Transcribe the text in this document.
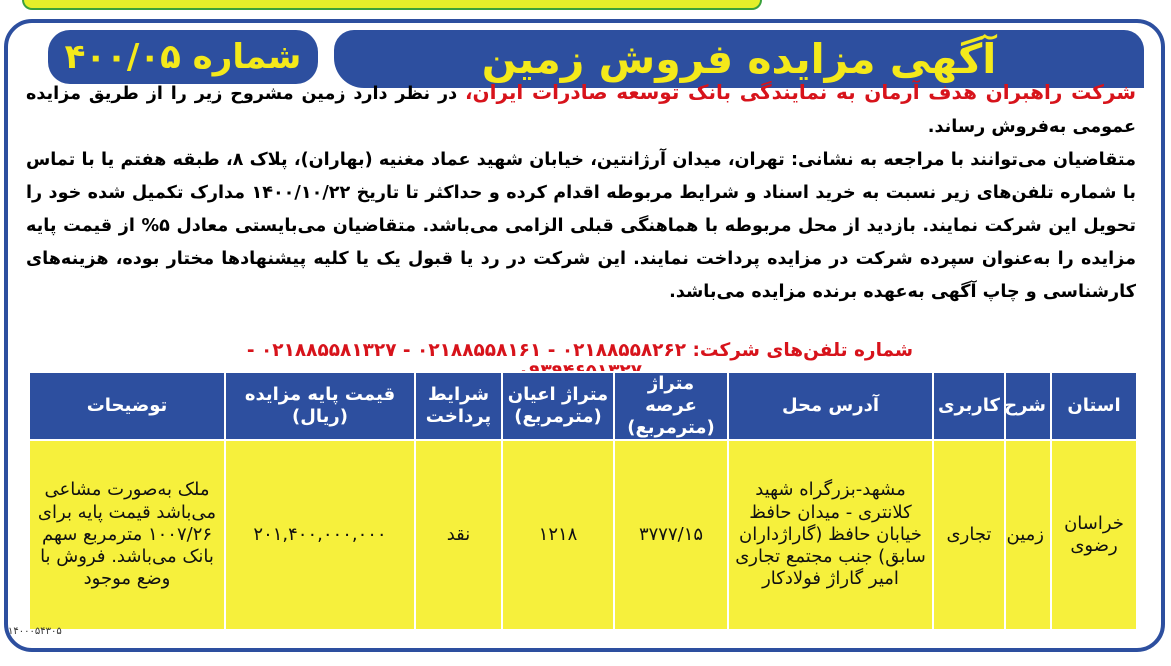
آگهی مزایده فروش زمین
شماره ۴۰۰/۰۵
شرکت راهبران هدف آرمان به نمایندگی بانک توسعه صادرات ایران، در نظر دارد زمین مشروح زیر را از طریق مزایده عمومی به‌فروش رساند.
متقاضیان می‌توانند با مراجعه به نشانی: تهران، میدان آرژانتین، خیابان شهید عماد مغنیه (بهاران)، پلاک ۸، طبقه هفتم یا با تماس با شماره تلفن‌های زیر نسبت به خرید اسناد و شرایط مربوطه اقدام کرده و حداکثر تا تاریخ ۱۴۰۰/۱۰/۲۲ مدارک تکمیل شده خود را تحویل این شرکت نمایند. بازدید از محل مربوطه با هماهنگی قبلی الزامی می‌باشد. متقاضیان می‌بایستی معادل ۵% از قیمت پایه مزایده را به‌عنوان سپرده شرکت در مزایده پرداخت نمایند. این شرکت در رد یا قبول یک یا کلیه پیشنهادها مختار بوده، هزینه‌های کارشناسی و چاپ آگهی به‌عهده برنده مزایده می‌باشد.
شماره تلفن‌های شرکت: ۰۲۱۸۸۵۵۸۲۶۲ - ۰۲۱۸۸۵۵۸۱۶۱ - ۰۲۱۸۸۵۵۸۱۳۲۷ -
استان	شرح	کاربری	آدرس محل	متراژ عرصه (مترمربع)	متراژ اعیان (مترمربع)	شرایط پرداخت	قیمت پایه مزایده (ریال)	توضیحات
خراسان رضوی	زمین	تجاری	مشهد-بزرگراه شهید کلانتری - میدان حافظ خیابان حافظ (گاراژداران سابق) جنب مجتمع تجاری امیر گاراژ فولادکار	۳۷۷۷/۱۵	۱۲۱۸	نقد	۲۰۱,۴۰۰,۰۰۰,۰۰۰	ملک به‌صورت مشاعی می‌باشد قیمت پایه برای ۱۰۰۷/۲۶ مترمربع سهم بانک می‌باشد. فروش با وضع موجود
۱۴۰۰۰۵۴۳۰۵
